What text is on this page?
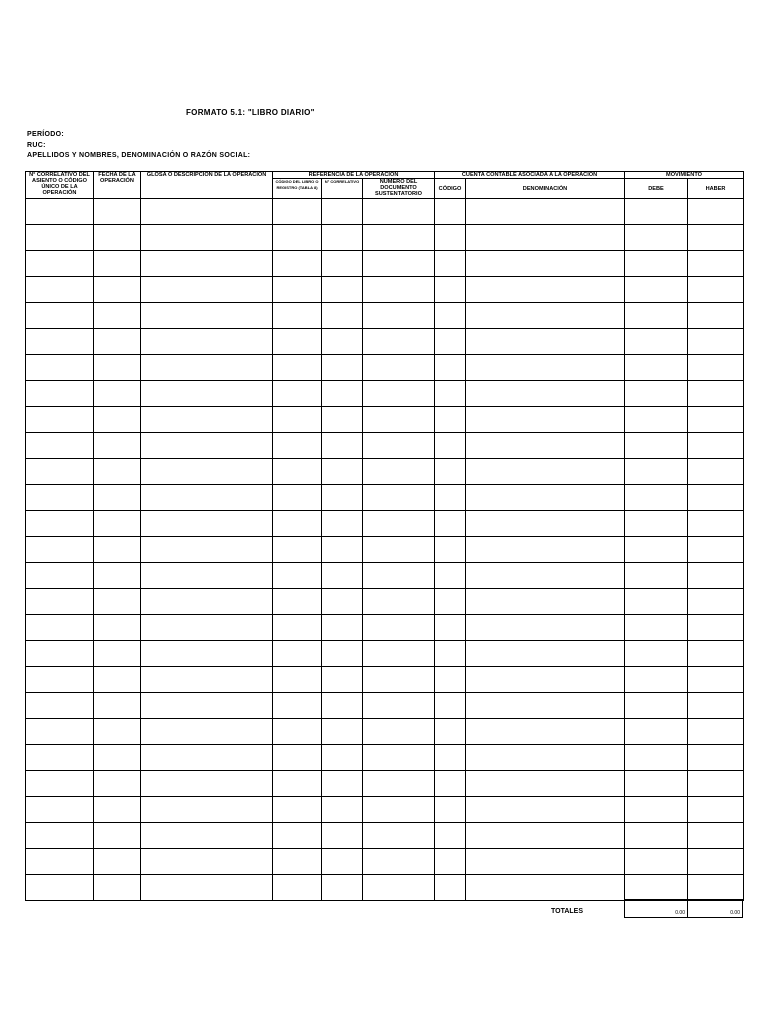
FORMATO 5.1: "LIBRO DIARIO"
PERÍODO:
RUC:
APELLIDOS Y NOMBRES, DENOMINACIÓN O RAZÓN SOCIAL:
N° CORRELATIVO DEL ASIENTO O CÓDIGO ÚNICO DE LA OPERACIÓN	FECHA DE LA OPERACIÓN	GLOSA O DESCRIPCIÓN DE LA OPERACIÓN	REFERENCIA DE LA OPERACIÓN			CUENTA CONTABLE ASOCIADA A LA OPERACIÓN		MOVIMIENTO	
			CÓDIGO DEL LIBRO O REGISTRO (TABLA 8)	N° CORRELATIVO	NÚMERO DEL DOCUMENTO SUSTENTATORIO	CÓDIGO	DENOMINACIÓN	DEBE	HABER

TOTALES	0.00	0.00
